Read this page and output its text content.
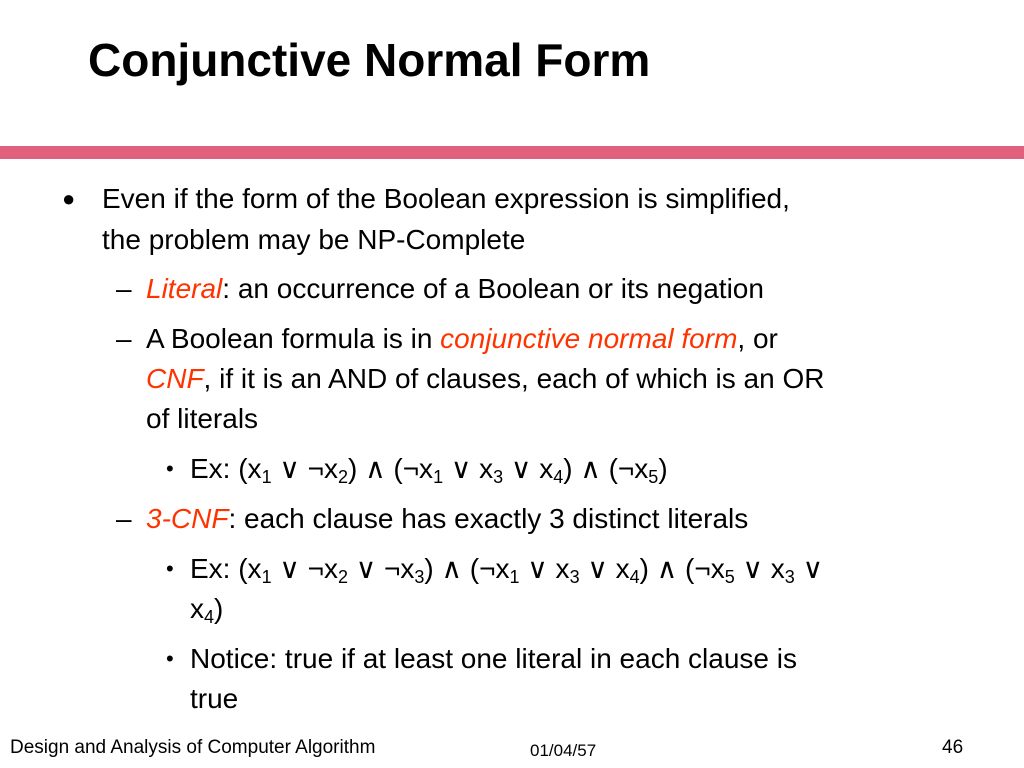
Conjunctive Normal Form
● Even if the form of the Boolean expression is simplified,
the problem may be NP-Complete
– Literal: an occurrence of a Boolean or its negation
– A Boolean formula is in conjunctive normal form, or
CNF, if it is an AND of clauses, each of which is an OR
of literals
• Ex: ($x_1$ ∨ $\neg x_2$) ∧ ($\neg x_1$ ∨ $x_3$ ∨ $x_4$) ∧ $(\neg x_5)$
– 3-CNF: each clause has exactly 3 distinct literals
• Ex: ($x_1$ ∨ $\neg x_2$ ∨ $\neg x_3$) ∧ ($\neg x_1$ ∨ $x_3$ ∨ $x_4$) ∧ ($\neg x_5$ ∨ $x_3$ ∨
$x_4$)
• Notice: true if at least one literal in each clause is
true
Design and Analysis of Computer Algorithm	01/04/57	46
